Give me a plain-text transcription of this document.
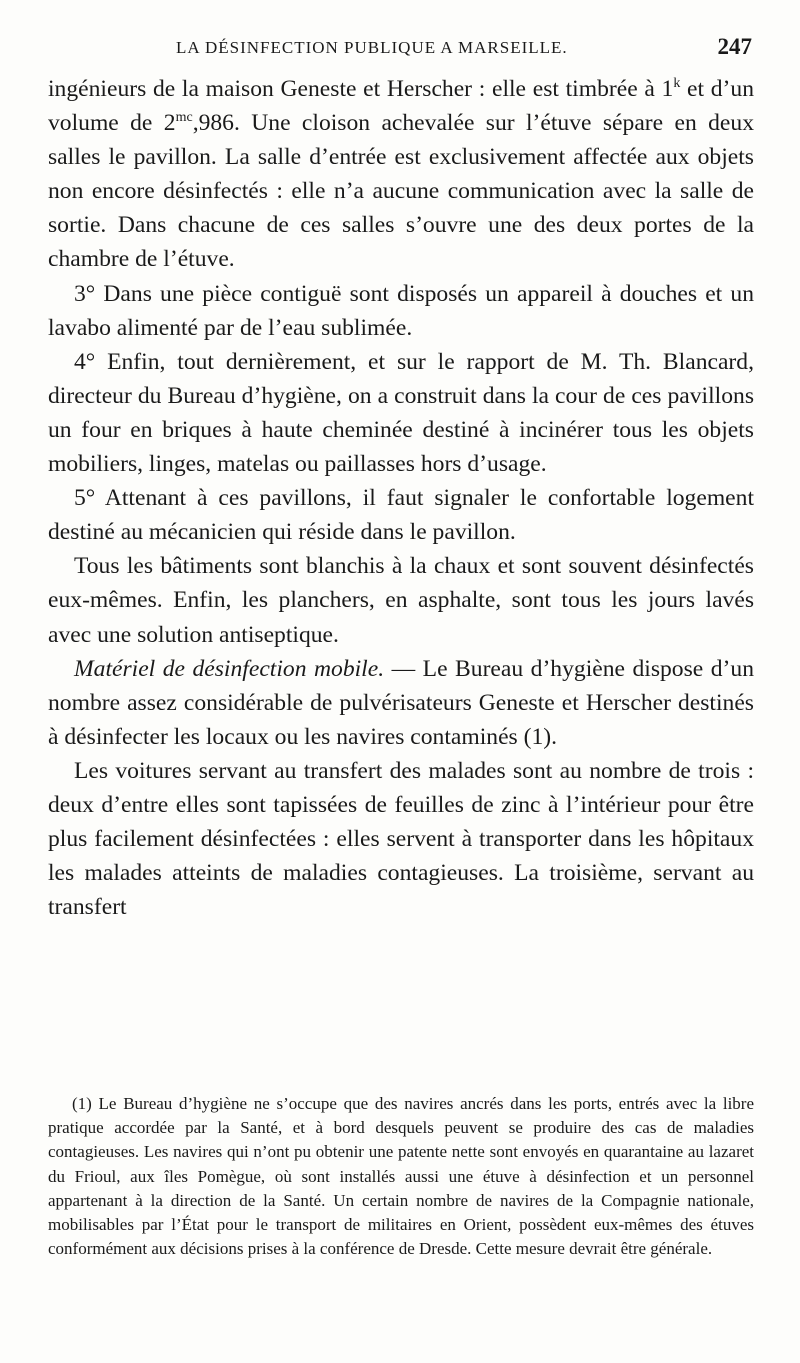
LA DÉSINFECTION PUBLIQUE A MARSEILLE.	247

ingénieurs de la maison Geneste et Herscher : elle est timbrée à 1$^k$ et d’un volume de $2^{mc},986$. Une cloison achevalée sur l’étuve sépare en deux salles le pavillon. La salle d’entrée est exclusivement affectée aux objets non encore désinfectés : elle n’a aucune communication avec la salle de sortie. Dans chacune de ces salles s’ouvre une des deux portes de la chambre de l’étuve.

3° Dans une pièce contiguë sont disposés un appareil à douches et un lavabo alimenté par de l’eau sublimée.

4° Enfin, tout dernièrement, et sur le rapport de M. Th. Blancard, directeur du Bureau d’hygiène, on a construit dans la cour de ces pavillons un four en briques à haute cheminée destiné à incinérer tous les objets mobiliers, linges, matelas ou paillasses hors d’usage.

5° Attenant à ces pavillons, il faut signaler le confortable logement destiné au mécanicien qui réside dans le pavillon.

Tous les bâtiments sont blanchis à la chaux et sont souvent désinfectés eux-mêmes. Enfin, les planchers, en asphalte, sont tous les jours lavés avec une solution antiseptique.

Matériel de désinfection mobile. — Le Bureau d’hygiène dispose d’un nombre assez considérable de pulvérisateurs Geneste et Herscher destinés à désinfecter les locaux ou les navires contaminés (1).

Les voitures servant au transfert des malades sont au nombre de trois : deux d’entre elles sont tapissées de feuilles de zinc à l’intérieur pour être plus facilement désinfectées : elles servent à transporter dans les hôpitaux les malades atteints de maladies contagieuses. La troisième, servant au transfert

(1) Le Bureau d’hygiène ne s’occupe que des navires ancrés dans les ports, entrés avec la libre pratique accordée par la Santé, et à bord desquels peuvent se produire des cas de maladies contagieuses. Les navires qui n’ont pu obtenir une patente nette sont envoyés en quarantaine au lazaret du Frioul, aux îles Pomègue, où sont installés aussi une étuve à désinfection et un personnel appartenant à la direction de la Santé. Un certain nombre de navires de la Compagnie nationale, mobilisables par l’État pour le transport de militaires en Orient, possèdent eux-mêmes des étuves conformément aux décisions prises à la conférence de Dresde. Cette mesure devrait être générale.
